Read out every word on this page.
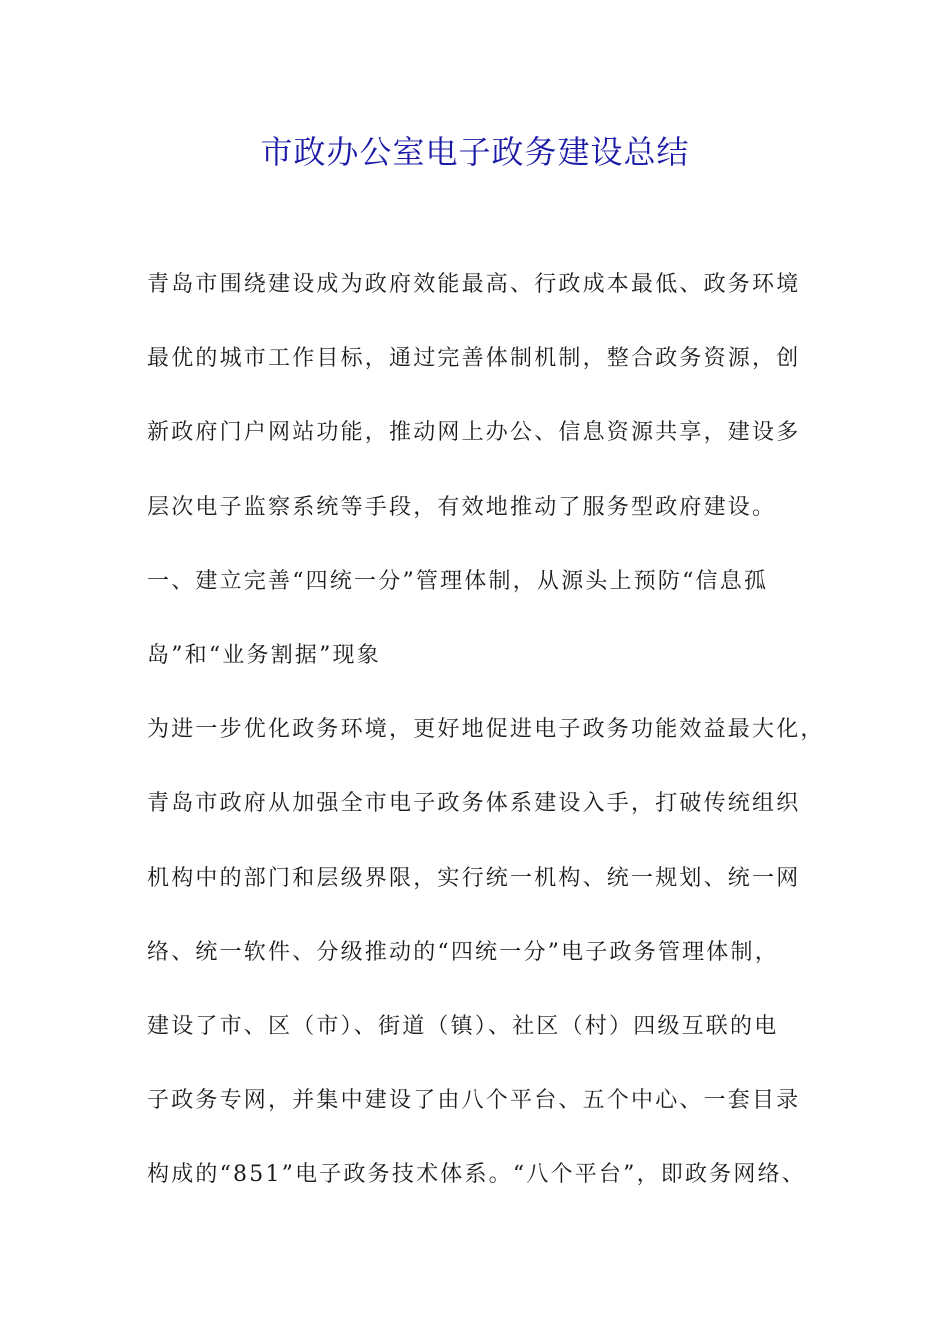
市政办公室电子政务建设总结
青岛市围绕建设成为政府效能最高、行政成本最低、政务环境
最优的城市工作目标，通过完善体制机制，整合政务资源，创
新政府门户网站功能，推动网上办公、信息资源共享，建设多
层次电子监察系统等手段，有效地推动了服务型政府建设。
一、建立完善“四统一分”管理体制，从源头上预防“信息孤
岛”和“业务割据”现象
为进一步优化政务环境，更好地促进电子政务功能效益最大化，
青岛市政府从加强全市电子政务体系建设入手，打破传统组织
机构中的部门和层级界限，实行统一机构、统一规划、统一网
络、统一软件、分级推动的“四统一分”电子政务管理体制，
建设了市、区（市）、街道（镇）、社区（村）四级互联的电
子政务专网，并集中建设了由八个平台、五个中心、一套目录
构成的“851”电子政务技术体系。“八个平台”，即政务网络、
